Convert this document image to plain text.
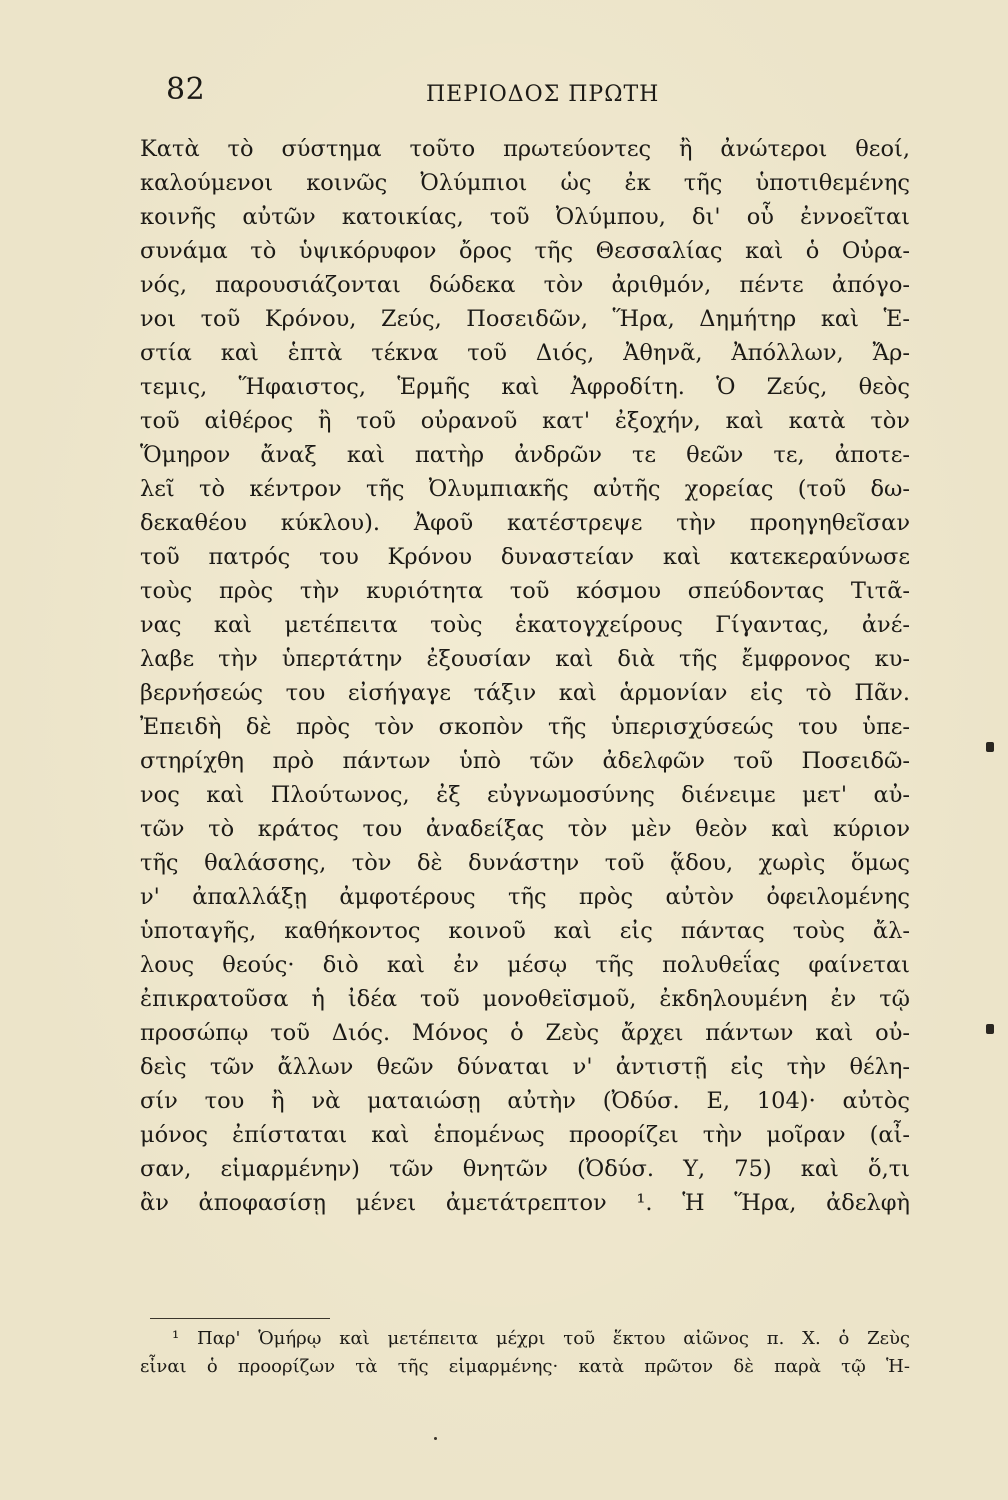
82	ΠΕΡΙΟΔΟΣ ΠΡΩΤΗ
Κατὰ τὸ σύστημα τοῦτο πρωτεύοντες ἢ ἀνώτεροι θεοί,
καλούμενοι κοινῶς Ὀλύμπιοι ὡς ἐκ τῆς ὑποτιθεμένης
κοινῆς αὐτῶν κατοικίας, τοῦ Ὀλύμπου, δι' οὗ ἐννοεῖται
συνάμα τὸ ὑψικόρυφον ὄρος τῆς Θεσσαλίας καὶ ὁ Οὐρα-
νός, παρουσιάζονται δώδεκα τὸν ἀριθμόν, πέντε ἀπόγο-
νοι τοῦ Κρόνου, Ζεύς, Ποσειδῶν, Ἥρα, Δημήτηρ καὶ Ἑ-
στία καὶ ἑπτὰ τέκνα τοῦ Διός, Ἀθηνᾶ, Ἀπόλλων, Ἄρ-
τεμις, Ἥφαιστος, Ἑρμῆς καὶ Ἀφροδίτη. Ὁ Ζεύς, θεὸς
τοῦ αἰθέρος ἢ τοῦ οὐρανοῦ κατ' ἐξοχήν, καὶ κατὰ τὸν
Ὅμηρον ἄναξ καὶ πατὴρ ἀνδρῶν τε θεῶν τε, ἀποτε-
λεῖ τὸ κέντρον τῆς Ὀλυμπιακῆς αὐτῆς χορείας (τοῦ δω-
δεκαθέου κύκλου). Ἀφοῦ κατέστρεψε τὴν προηγηθεῖσαν
τοῦ πατρός του Κρόνου δυναστείαν καὶ κατεκεραύνωσε
τοὺς πρὸς τὴν κυριότητα τοῦ κόσμου σπεύδοντας Τιτᾶ-
νας καὶ μετέπειτα τοὺς ἑκατογχείρους Γίγαντας, ἀνέ-
λαβε τὴν ὑπερτάτην ἐξουσίαν καὶ διὰ τῆς ἔμφρονος κυ-
βερνήσεώς του εἰσήγαγε τάξιν καὶ ἁρμονίαν εἰς τὸ Πᾶν.
Ἐπειδὴ δὲ πρὸς τὸν σκοπὸν τῆς ὑπερισχύσεώς του ὑπε-
στηρίχθη πρὸ πάντων ὑπὸ τῶν ἀδελφῶν τοῦ Ποσειδῶ-
νος καὶ Πλούτωνος, ἐξ εὐγνωμοσύνης διένειμε μετ' αὐ-
τῶν τὸ κράτος του ἀναδείξας τὸν μὲν θεὸν καὶ κύριον
τῆς θαλάσσης, τὸν δὲ δυνάστην τοῦ ᾅδου, χωρὶς ὅμως
ν' ἀπαλλάξῃ ἀμφοτέρους τῆς πρὸς αὐτὸν ὀφειλομένης
ὑποταγῆς, καθήκοντος κοινοῦ καὶ εἰς πάντας τοὺς ἄλ-
λους θεούς· διὸ καὶ ἐν μέσῳ τῆς πολυθεΐας φαίνεται
ἐπικρατοῦσα ἡ ἰδέα τοῦ μονοθεϊσμοῦ, ἐκδηλουμένη ἐν τῷ
προσώπῳ τοῦ Διός. Μόνος ὁ Ζεὺς ἄρχει πάντων καὶ οὐ-
δεὶς τῶν ἄλλων θεῶν δύναται ν' ἀντιστῇ εἰς τὴν θέλη-
σίν του ἢ νὰ ματαιώσῃ αὐτὴν (Ὀδύσ. Ε, 104)· αὐτὸς
μόνος ἐπίσταται καὶ ἑπομένως προορίζει τὴν μοῖραν (αἶ-
σαν, εἱμαρμένην) τῶν θνητῶν (Ὀδύσ. Υ, 75) καὶ ὅ,τι
ἂν ἀποφασίσῃ μένει ἀμετάτρεπτον ¹. Ἡ Ἥρα, ἀδελφὴ
¹ Παρ' Ὁμήρῳ καὶ μετέπειτα μέχρι τοῦ ἕκτου αἰῶνος π. Χ. ὁ Ζεὺς
εἶναι ὁ προορίζων τὰ τῆς εἱμαρμένης· κατὰ πρῶτον δὲ παρὰ τῷ Ἡ-
